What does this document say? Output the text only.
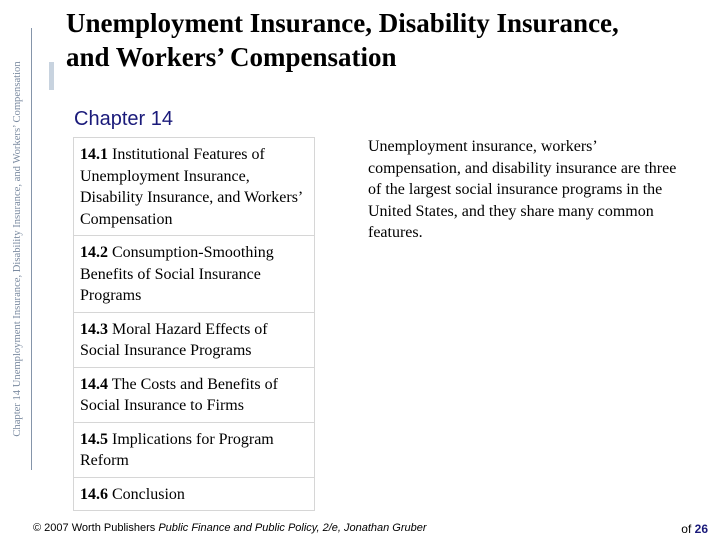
Chapter 14 Unemployment Insurance, Disability Insurance, and Workers’ Compensation
Unemployment Insurance, Disability Insurance,
and Workers’ Compensation
Chapter 14
14.1 Institutional Features of Unemployment Insurance, Disability Insurance, and Workers’ Compensation
14.2 Consumption-Smoothing Benefits of Social Insurance Programs
14.3 Moral Hazard Effects of Social Insurance Programs
14.4 The Costs and Benefits of Social Insurance to Firms
14.5 Implications for Program Reform
14.6 Conclusion
Unemployment insurance, workers’ compensation, and disability insurance are three of the largest social insurance programs in the United States, and they share many common features.
© 2007 Worth Publishers Public Finance and Public Policy, 2/e, Jonathan Gruber	of 26
